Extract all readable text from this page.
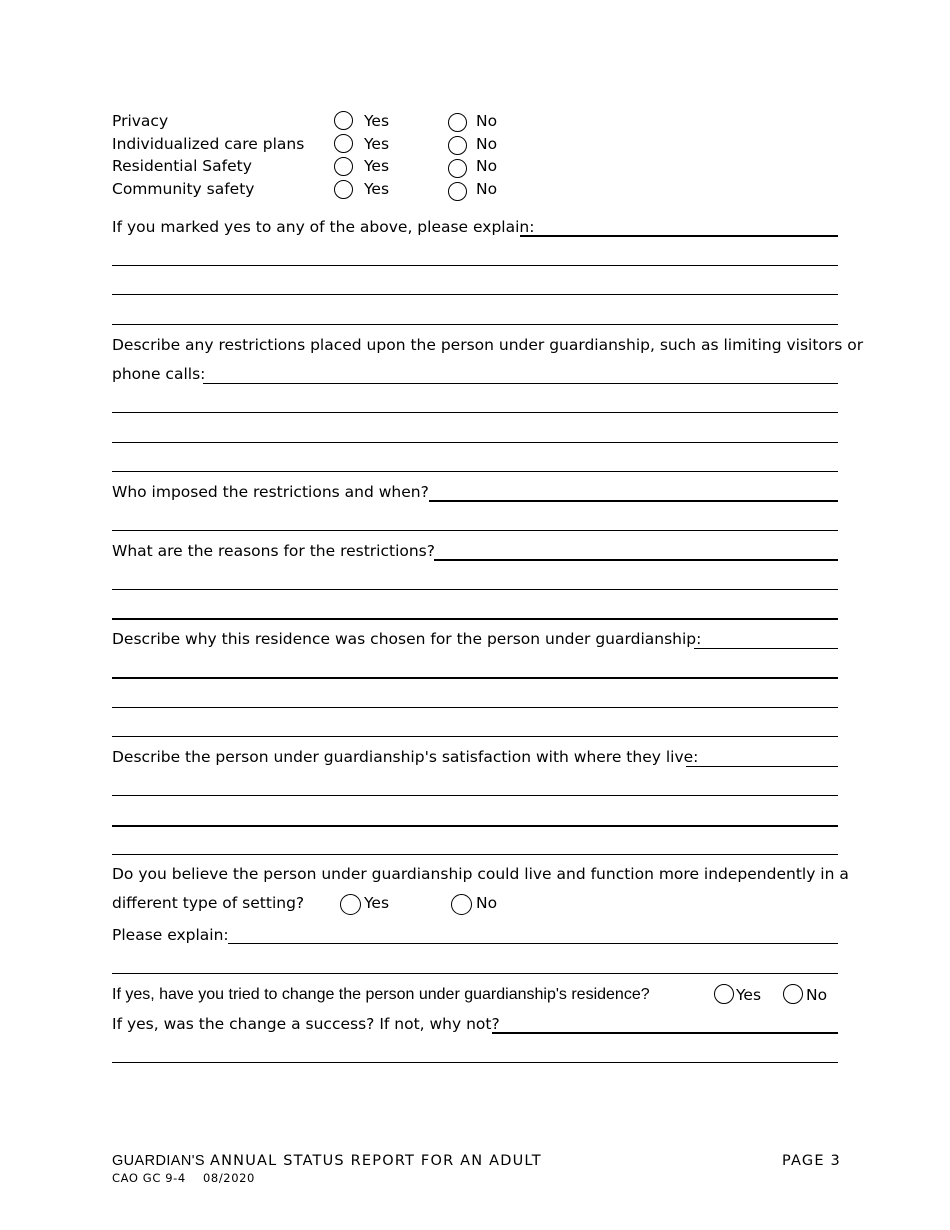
Privacy	Yes	No
Individualized care plans	Yes	No
Residential Safety	Yes	No
Community safety	Yes	No
If you marked yes to any of the above, please explain:
Describe any restrictions placed upon the person under guardianship, such as limiting visitors or
phone calls:
Who imposed the restrictions and when?
What are the reasons for the restrictions?
Describe why this residence was chosen for the person under guardianship:
Describe the person under guardianship's satisfaction with where they live:
Do you believe the person under guardianship could live and function more independently in a
different type of setting?	Yes	No
Please explain:
If yes, have you tried to change the person under guardianship's residence?	Yes	No
If yes, was the change a success? If not, why not?
GUARDIAN'S ANNUAL STATUS REPORT FOR AN ADULT
CAO GC 9-4 08/2020
PAGE 3
